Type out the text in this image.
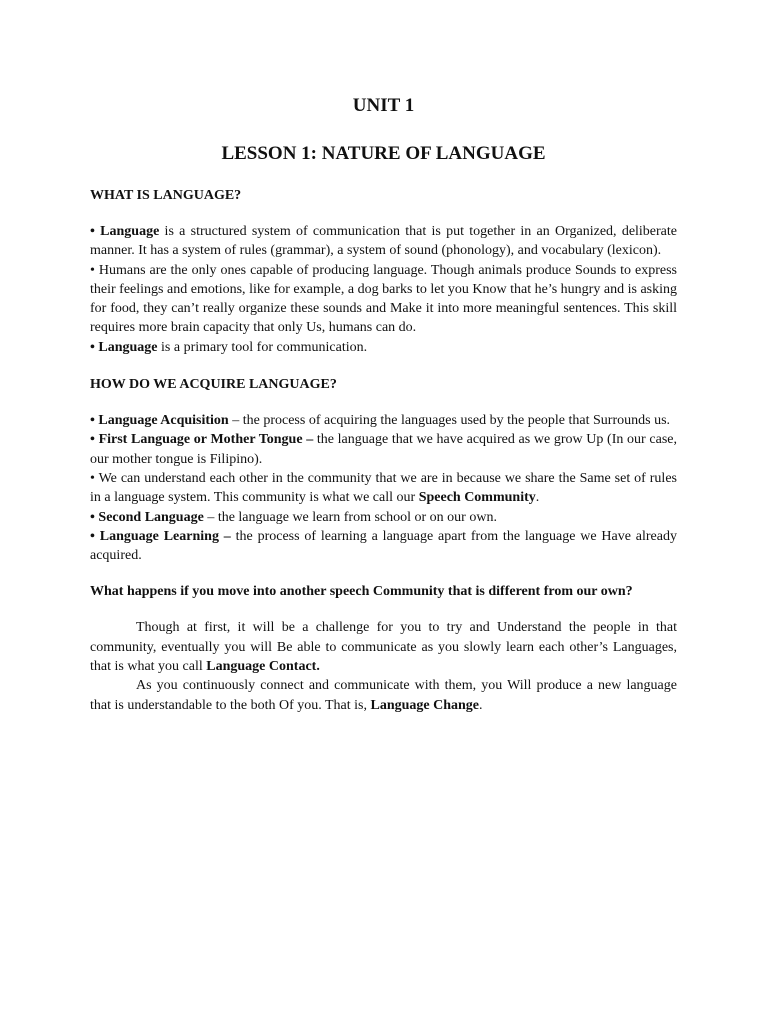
UNIT 1

LESSON 1: NATURE OF LANGUAGE

WHAT IS LANGUAGE?

• Language is a structured system of communication that is put together in an Organized, deliberate manner. It has a system of rules (grammar), a system of sound (phonology), and vocabulary (lexicon).

• Humans are the only ones capable of producing language. Though animals produce Sounds to express their feelings and emotions, like for example, a dog barks to let you Know that he’s hungry and is asking for food, they can’t really organize these sounds and Make it into more meaningful sentences. This skill requires more brain capacity that only Us, humans can do.

• Language is a primary tool for communication.

HOW DO WE ACQUIRE LANGUAGE?

• Language Acquisition – the process of acquiring the languages used by the people that Surrounds us.

• First Language or Mother Tongue – the language that we have acquired as we grow Up (In our case, our mother tongue is Filipino).

• We can understand each other in the community that we are in because we share the Same set of rules in a language system. This community is what we call our Speech Community.

• Second Language – the language we learn from school or on our own.

• Language Learning – the process of learning a language apart from the language we Have already acquired.

What happens if you move into another speech Community that is different from our own?

Though at first, it will be a challenge for you to try and Understand the people in that community, eventually you will Be able to communicate as you slowly learn each other’s Languages, that is what you call Language Contact.

As you continuously connect and communicate with them, you Will produce a new language that is understandable to the both Of you. That is, Language Change.
